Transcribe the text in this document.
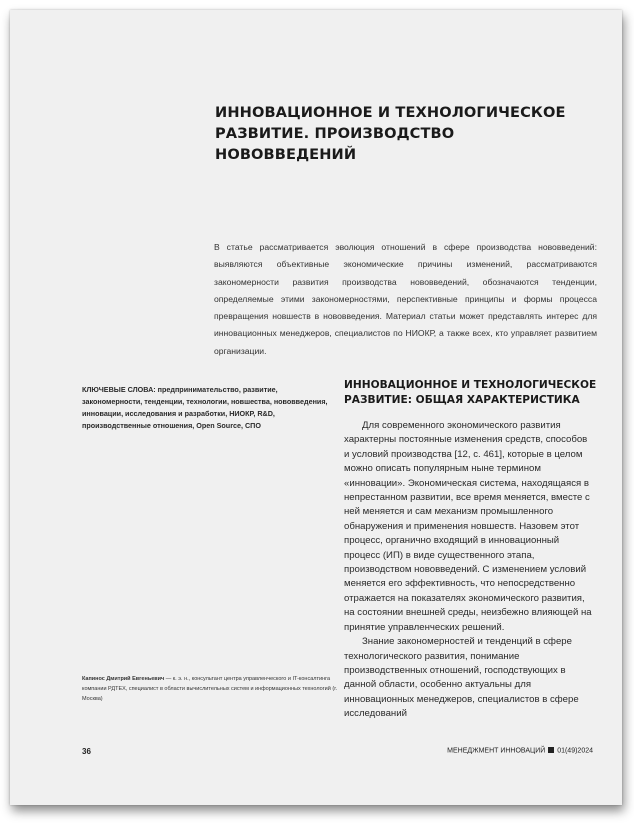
ИННОВАЦИОННОЕ И ТЕХНОЛОГИЧЕСКОЕ РАЗВИТИЕ. ПРОИЗВОДСТВО НОВОВВЕДЕНИЙ

В статье рассматривается эволюция отношений в сфере производства нововведений: выявляются объективные экономические причины изменений, рассматриваются закономерности развития производства нововведений, обозначаются тенденции, определяемые этими закономерностями, перспективные принципы и формы процесса превращения новшеств в нововведения. Материал статьи может представлять интерес для инновационных менеджеров, специалистов по НИОКР, а также всех, кто управляет развитием организации.

КЛЮЧЕВЫЕ СЛОВА: предпринимательство, развитие, закономерности, тенденции, технологии, новшества, нововведения, инновации, исследования и разработки, НИОКР, R&D, производственные отношения, Open Source, СПО

ИННОВАЦИОННОЕ И ТЕХНОЛОГИЧЕСКОЕ РАЗВИТИЕ: ОБЩАЯ ХАРАКТЕРИСТИКА

Для современного экономического развития характерны постоянные изменения средств, способов и условий производства [12, с. 461], которые в целом можно описать популярным ныне термином «инновации». Экономическая система, находящаяся в непрестанном развитии, все время меняется, вместе с ней меняется и сам механизм промышленного обнаружения и применения новшеств. Назовем этот процесс, органично входящий в инновационный процесс (ИП) в виде существенного этапа, производством нововведений. С изменением условий меняется его эффективность, что непосредственно отражается на показателях экономического развития, на состоянии внешней среды, неизбежно влияющей на принятие управленческих решений.

Знание закономерностей и тенденций в сфере технологического развития, понимание производственных отношений, господствующих в данной области, особенно актуальны для инновационных менеджеров, специалистов в сфере исследований

Капинос Дмитрий Евгеньевич — к. э. н., консультант центра управленческого и IT-консалтинга компании РДТЕХ, специалист в области вычислительных систем и информационных технологий (г. Москва)

36	МЕНЕДЖМЕНТ ИННОВАЦИЙ 01(49)2024
